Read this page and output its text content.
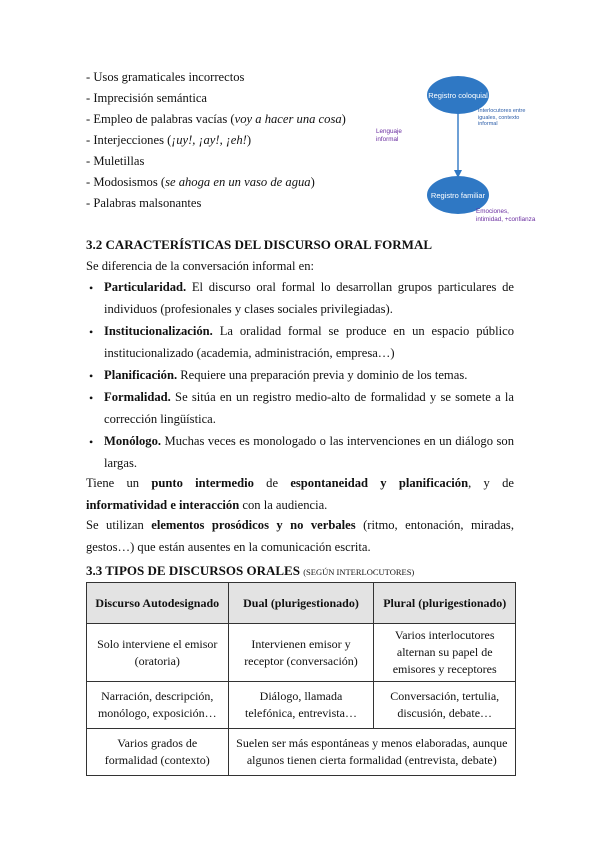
- Usos gramaticales incorrectos
- Imprecisión semántica
- Empleo de palabras vacías (voy a hacer una cosa)
- Interjecciones (¡uy!, ¡ay!, ¡eh!)
- Muletillas
- Modosismos (se ahoga en un vaso de agua)
- Palabras malsonantes
Registro coloquial
Registro familiar
Lenguaje informal
Interlocutores entre iguales, contexto informal
Emociones, intimidad, +confianza
3.2 CARACTERÍSTICAS DEL DISCURSO ORAL FORMAL
Se diferencia de la conversación informal en:
• Particularidad. El discurso oral formal lo desarrollan grupos particulares de individuos (profesionales y clases sociales privilegiadas).
• Institucionalización. La oralidad formal se produce en un espacio público institucionalizado (academia, administración, empresa…)
• Planificación. Requiere una preparación previa y dominio de los temas.
• Formalidad. Se sitúa en un registro medio-alto de formalidad y se somete a la corrección lingüística.
• Monólogo. Muchas veces es monologado o las intervenciones en un diálogo son largas.
Tiene un punto intermedio de espontaneidad y planificación, y de informatividad e interacción con la audiencia.
Se utilizan elementos prosódicos y no verbales (ritmo, entonación, miradas, gestos…) que están ausentes en la comunicación escrita.
3.3 TIPOS DE DISCURSOS ORALES (SEGÚN INTERLOCUTORES)
Discurso Autodesignado	Dual (plurigestionado)	Plural (plurigestionado)
Solo interviene el emisor (oratoria)	Intervienen emisor y receptor (conversación)	Varios interlocutores alternan su papel de emisores y receptores
Narración, descripción, monólogo, exposición…	Diálogo, llamada telefónica, entrevista…	Conversación, tertulia, discusión, debate…
Varios grados de formalidad (contexto)	Suelen ser más espontáneas y menos elaboradas, aunque algunos tienen cierta formalidad (entrevista, debate)	
